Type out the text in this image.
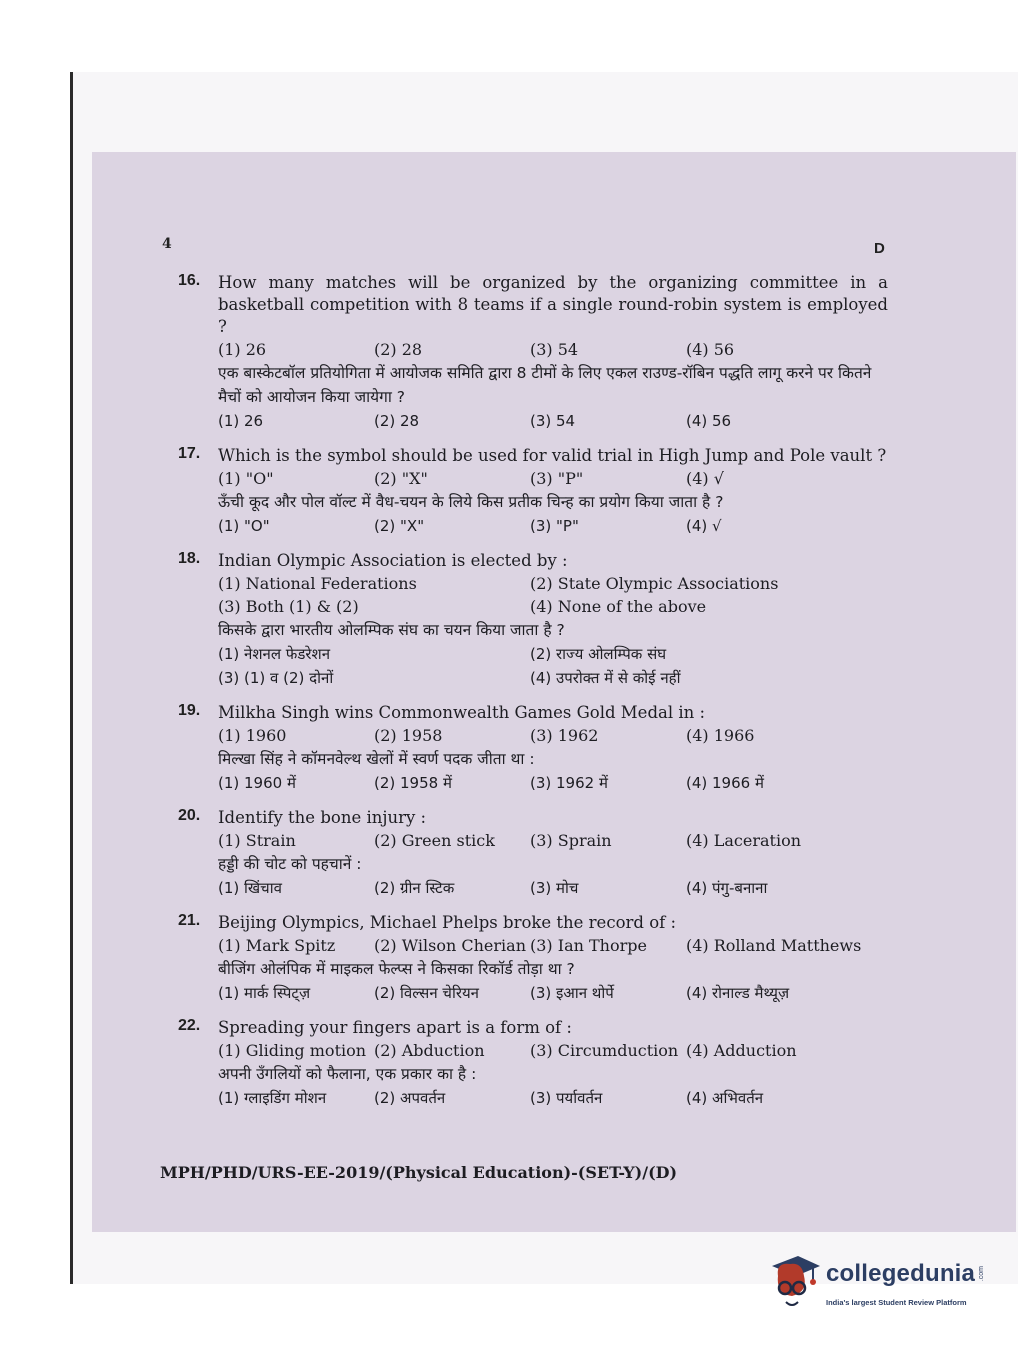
4	D
16. How many matches will be organized by the organizing committee in a basketball competition with 8 teams if a single round-robin system is employed ?
(1) 26	(2) 28	(3) 54	(4) 56
एक बास्केटबॉल प्रतियोगिता में आयोजक समिति द्वारा 8 टीमों के लिए एकल राउण्ड-रॉबिन पद्धति लागू करने पर कितने मैचों को आयोजन किया जायेगा ?
(1) 26	(2) 28	(3) 54	(4) 56
17. Which is the symbol should be used for valid trial in High Jump and Pole vault ?
(1) "O"	(2) "X"	(3) "P"	(4) √
ऊँची कूद और पोल वॉल्ट में वैध-चयन के लिये किस प्रतीक चिन्ह का प्रयोग किया जाता है ?
(1) "O"	(2) "X"	(3) "P"	(4) √
18. Indian Olympic Association is elected by :
(1) National Federations	(2) State Olympic Associations
(3) Both (1) & (2)	(4) None of the above
किसके द्वारा भारतीय ओलम्पिक संघ का चयन किया जाता है ?
(1) नेशनल फेडरेशन	(2) राज्य ओलम्पिक संघ
(3) (1) व (2) दोनों	(4) उपरोक्त में से कोई नहीं
19. Milkha Singh wins Commonwealth Games Gold Medal in :
(1) 1960	(2) 1958	(3) 1962	(4) 1966
मिल्खा सिंह ने कॉमनवेल्थ खेलों में स्वर्ण पदक जीता था :
(1) 1960 में	(2) 1958 में	(3) 1962 में	(4) 1966 में
20. Identify the bone injury :
(1) Strain	(2) Green stick	(3) Sprain	(4) Laceration
हड्डी की चोट को पहचानें :
(1) खिंचाव	(2) ग्रीन स्टिक	(3) मोच	(4) पंगु-बनाना
21. Beijing Olympics, Michael Phelps broke the record of :
(1) Mark Spitz	(2) Wilson Cherian (3) Ian Thorpe	(4) Rolland Matthews
बीजिंग ओलंपिक में माइकल फेल्प्स ने किसका रिकॉर्ड तोड़ा था ?
(1) मार्क स्पिट्ज़	(2) विल्सन चेरियन	(3) इआन थोर्पे	(4) रोनाल्ड मैथ्यूज़
22. Spreading your fingers apart is a form of :
(1) Gliding motion (2) Abduction	(3) Circumduction (4) Adduction
अपनी उँगलियों को फैलाना, एक प्रकार का है :
(1) ग्लाइडिंग मोशन	(2) अपवर्तन	(3) पर्यावर्तन	(4) अभिवर्तन
MPH/PHD/URS-EE-2019/(Physical Education)-(SET-Y)/(D)
collegedunia .com
India's largest Student Review Platform
